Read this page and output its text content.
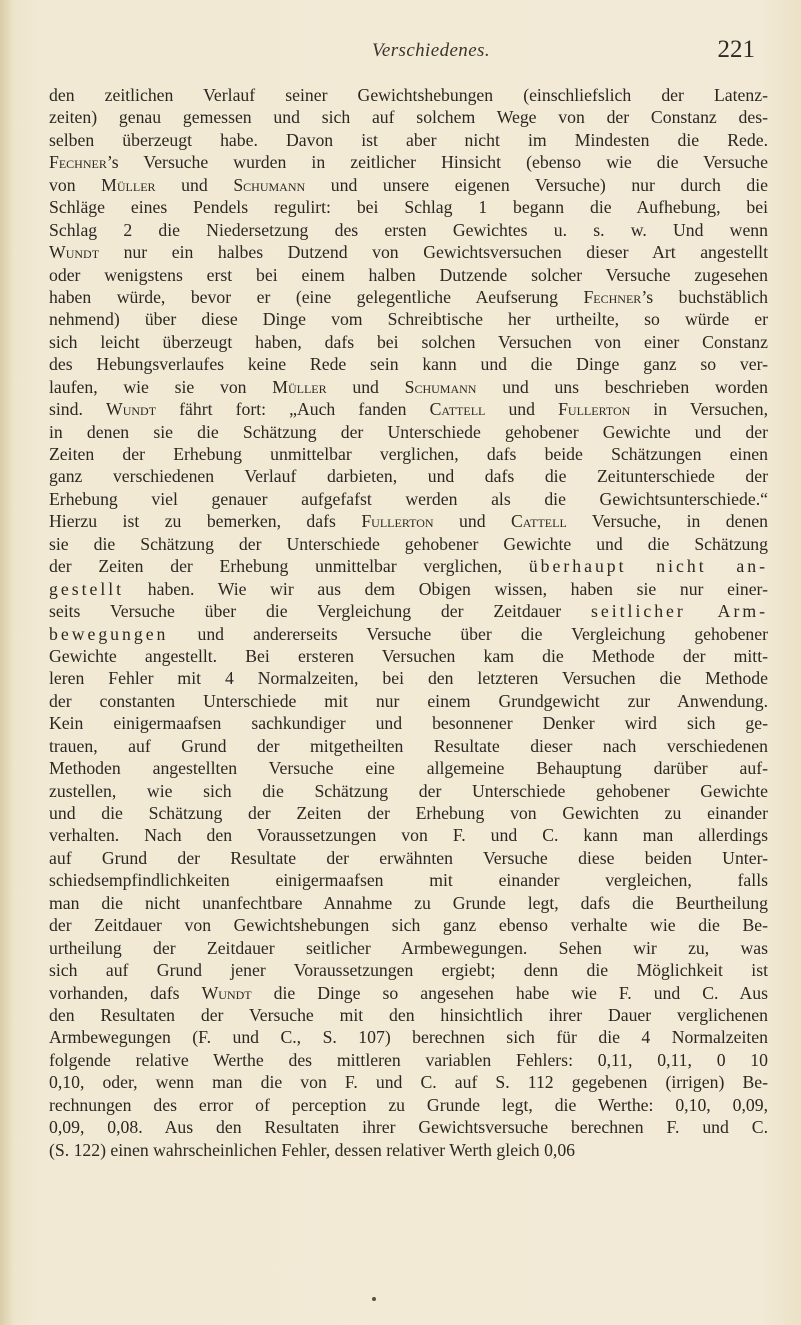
Verschiedenes.	221
den zeitlichen Verlauf seiner Gewichtshebungen (einschliefslich der Latenz-
zeiten) genau gemessen und sich auf solchem Wege von der Constanz des-
selben überzeugt habe. Davon ist aber nicht im Mindesten die Rede.
Fechner’s Versuche wurden in zeitlicher Hinsicht (ebenso wie die Versuche
von Müller und Schumann und unsere eigenen Versuche) nur durch die
Schläge eines Pendels regulirt: bei Schlag 1 begann die Aufhebung, bei
Schlag 2 die Niedersetzung des ersten Gewichtes u. s. w. Und wenn
Wundt nur ein halbes Dutzend von Gewichtsversuchen dieser Art angestellt
oder wenigstens erst bei einem halben Dutzende solcher Versuche zugesehen
haben würde, bevor er (eine gelegentliche Aeufserung Fechner’s buchstäblich
nehmend) über diese Dinge vom Schreibtische her urtheilte, so würde er
sich leicht überzeugt haben, dafs bei solchen Versuchen von einer Constanz
des Hebungsverlaufes keine Rede sein kann und die Dinge ganz so ver-
laufen, wie sie von Müller und Schumann und uns beschrieben worden
sind. Wundt fährt fort: „Auch fanden Cattell und Fullerton in Versuchen,
in denen sie die Schätzung der Unterschiede gehobener Gewichte und der
Zeiten der Erhebung unmittelbar verglichen, dafs beide Schätzungen einen
ganz verschiedenen Verlauf darbieten, und dafs die Zeitunterschiede der
Erhebung viel genauer aufgefafst werden als die Gewichtsunterschiede.“
Hierzu ist zu bemerken, dafs Fullerton und Cattell Versuche, in denen
sie die Schätzung der Unterschiede gehobener Gewichte und die Schätzung
der Zeiten der Erhebung unmittelbar verglichen, überhaupt nicht an-
gestellt haben. Wie wir aus dem Obigen wissen, haben sie nur einer-
seits Versuche über die Vergleichung der Zeitdauer seitlicher Arm-
bewegungen und andererseits Versuche über die Vergleichung gehobener
Gewichte angestellt. Bei ersteren Versuchen kam die Methode der mitt-
leren Fehler mit 4 Normalzeiten, bei den letzteren Versuchen die Methode
der constanten Unterschiede mit nur einem Grundgewicht zur Anwendung.
Kein einigermaafsen sachkundiger und besonnener Denker wird sich ge-
trauen, auf Grund der mitgetheilten Resultate dieser nach verschiedenen
Methoden angestellten Versuche eine allgemeine Behauptung darüber auf-
zustellen, wie sich die Schätzung der Unterschiede gehobener Gewichte
und die Schätzung der Zeiten der Erhebung von Gewichten zu einander
verhalten. Nach den Voraussetzungen von F. und C. kann man allerdings
auf Grund der Resultate der erwähnten Versuche diese beiden Unter-
schiedsempfindlichkeiten einigermaafsen mit einander vergleichen, falls
man die nicht unanfechtbare Annahme zu Grunde legt, dafs die Beurtheilung
der Zeitdauer von Gewichtshebungen sich ganz ebenso verhalte wie die Be-
urtheilung der Zeitdauer seitlicher Armbewegungen. Sehen wir zu, was
sich auf Grund jener Voraussetzungen ergiebt; denn die Möglichkeit ist
vorhanden, dafs Wundt die Dinge so angesehen habe wie F. und C. Aus
den Resultaten der Versuche mit den hinsichtlich ihrer Dauer verglichenen
Armbewegungen (F. und C., S. 107) berechnen sich für die 4 Normalzeiten
folgende relative Werthe des mittleren variablen Fehlers: 0,11, 0,11, 0 10
0,10, oder, wenn man die von F. und C. auf S. 112 gegebenen (irrigen) Be-
rechnungen des error of perception zu Grunde legt, die Werthe: 0,10, 0,09,
0,09, 0,08. Aus den Resultaten ihrer Gewichtsversuche berechnen F. und C.
(S. 122) einen wahrscheinlichen Fehler, dessen relativer Werth gleich 0,06
